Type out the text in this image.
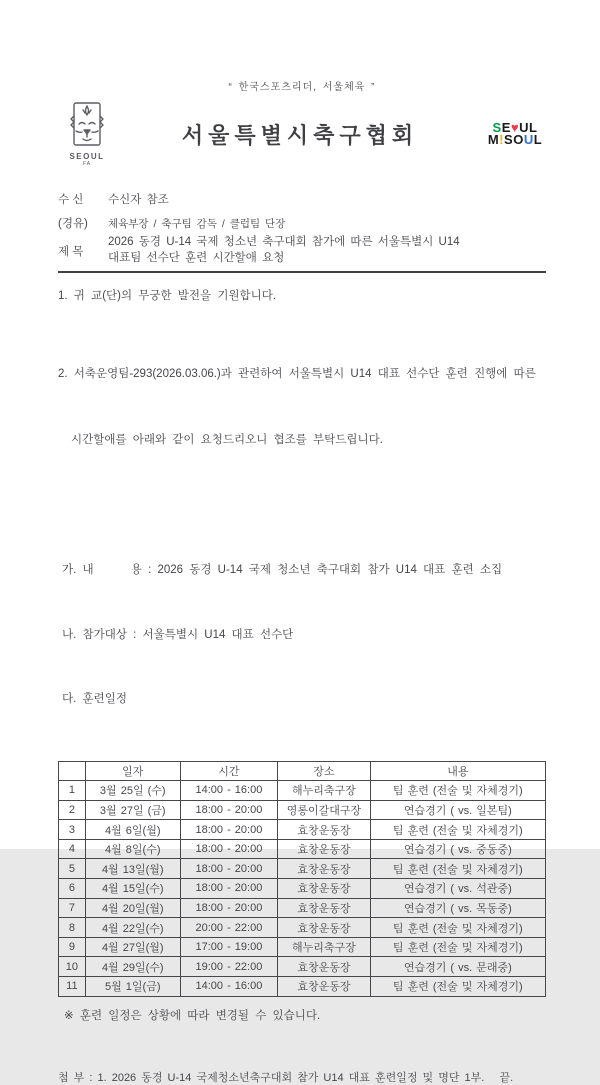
“ 한국스포츠리더, 서울체육 ”
SEOUL
FA
서울특별시축구협회	SE♥UL
M!SOUL
수 신	수신자 참조
(경유)	체육부장 / 축구팀 감독 / 클럽팀 단장
제 목
2026 동경 U-14 국제 청소년 축구대회 참가에 따른 서울특별시 U14
대표팀 선수단 훈련 시간할애 요청
1. 귀 교(단)의 무궁한 발전을 기원합니다.

2. 서축운영팀-293(2026.03.06.)과 관련하여 서울특별시 U14 대표 선수단 훈련 진행에 따른

시간할애를 아래와 같이 요청드리오니 협조를 부탁드립니다.

가. 내      용 : 2026 동경 U-14 국제 청소년 축구대회 참가 U14 대표 훈련 소집

나. 참가대상 : 서울특별시 U14 대표 선수단

다. 훈련일정

	일자	시간	장소	내용
1	3월 25일 (수)	14:00 - 16:00	해누리축구장	팀 훈련 (전술 및 자체경기)
2	3월 27일 (금)	18:00 - 20:00	영롱이갈대구장	연습경기 ( vs. 일본팀)
3	4월 6일(월)	18:00 - 20:00	효창운동장	팀 훈련 (전술 및 자체경기)
4	4월 8일(수)	18:00 - 20:00	효창운동장	연습경기 ( vs. 중동중)
5	4월 13일(월)	18:00 - 20:00	효창운동장	팀 훈련 (전술 및 자체경기)
6	4월 15일(수)	18:00 - 20:00	효창운동장	연습경기 ( vs. 석관중)
7	4월 20일(월)	18:00 - 20:00	효창운동장	연습경기 ( vs. 목동중)
8	4월 22일(수)	20:00 - 22:00	효창운동장	팀 훈련 (전술 및 자체경기)
9	4월 27일(월)	17:00 - 19:00	해누리축구장	팀 훈련 (전술 및 자체경기)
10	4월 29일(수)	19:00 - 22:00	효창운동장	연습경기 ( vs. 문래중)
11	5월 1일(금)	14:00 - 16:00	효창운동장	팀 훈련 (전술 및 자체경기)
※ 훈련 일정은 상황에 따라 변경될 수 있습니다.
첨 부 : 1. 2026 동경 U-14 국제청소년축구대회 참가 U14 대표 훈련일정 및 명단 1부.   끝.
